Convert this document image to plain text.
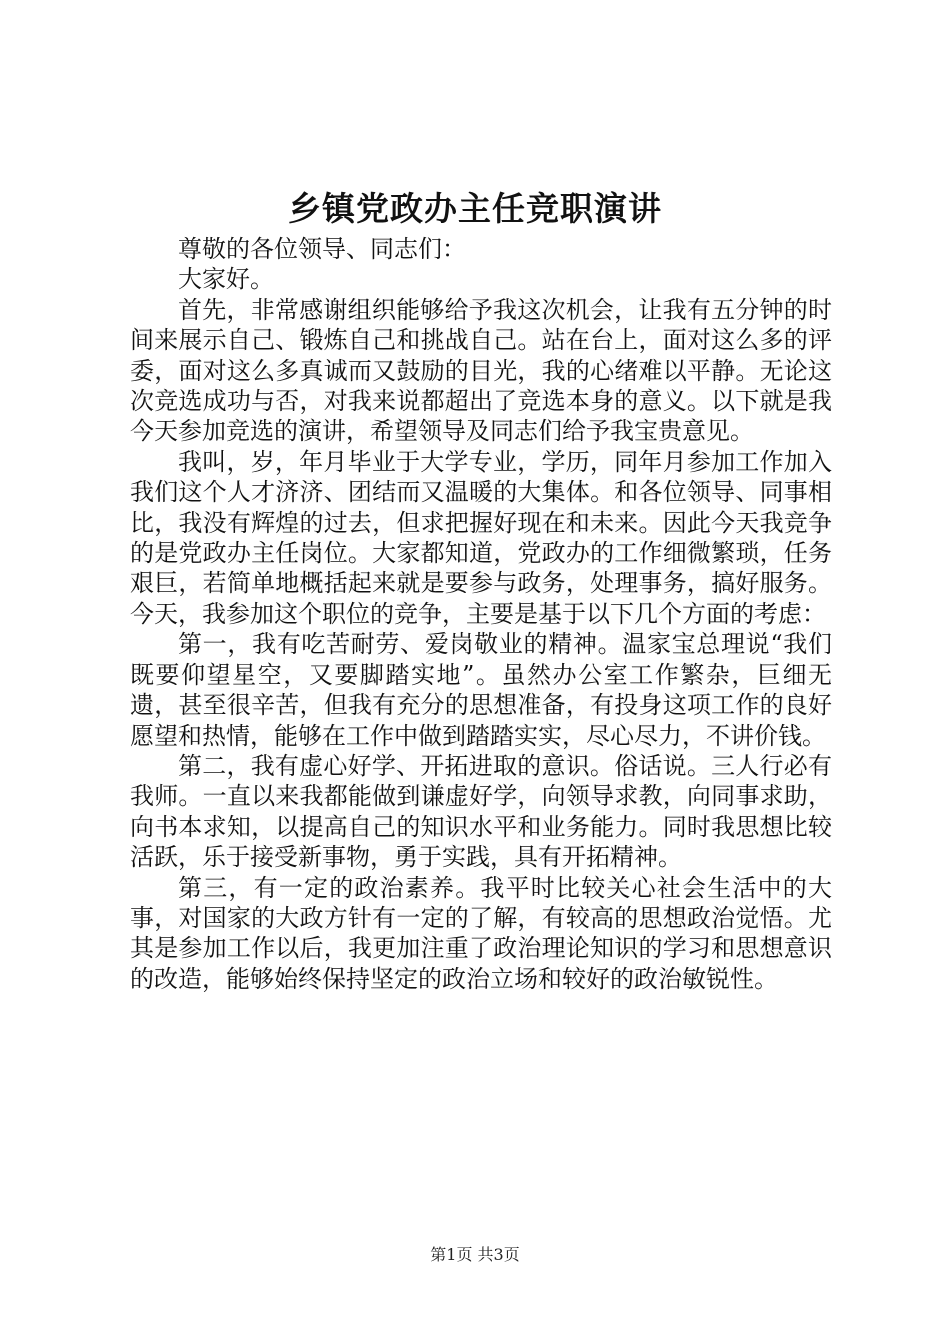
乡镇党政办主任竞职演讲

尊敬的各位领导、同志们：

大家好。

首先，非常感谢组织能够给予我这次机会，让我有五分钟的时间来展示自己、锻炼自己和挑战自己。站在台上，面对这么多的评委，面对这么多真诚而又鼓励的目光，我的心绪难以平静。无论这次竞选成功与否，对我来说都超出了竞选本身的意义。以下就是我今天参加竞选的演讲，希望领导及同志们给予我宝贵意见。

我叫，岁，年月毕业于大学专业，学历，同年月参加工作加入我们这个人才济济、团结而又温暖的大集体。和各位领导、同事相比，我没有辉煌的过去，但求把握好现在和未来。因此今天我竞争的是党政办主任岗位。大家都知道，党政办的工作细微繁琐，任务艰巨，若简单地概括起来就是要参与政务，处理事务，搞好服务。今天，我参加这个职位的竞争，主要是基于以下几个方面的考虑：

第一，我有吃苦耐劳、爱岗敬业的精神。温家宝总理说“我们既要仰望星空，又要脚踏实地”。虽然办公室工作繁杂，巨细无遗，甚至很辛苦，但我有充分的思想准备，有投身这项工作的良好愿望和热情，能够在工作中做到踏踏实实，尽心尽力，不讲价钱。

第二，我有虚心好学、开拓进取的意识。俗话说。三人行必有我师。一直以来我都能做到谦虚好学，向领导求教，向同事求助，向书本求知，以提高自己的知识水平和业务能力。同时我思想比较活跃，乐于接受新事物，勇于实践，具有开拓精神。

第三，有一定的政治素养。我平时比较关心社会生活中的大事，对国家的大政方针有一定的了解，有较高的思想政治觉悟。尤其是参加工作以后，我更加注重了政治理论知识的学习和思想意识的改造，能够始终保持坚定的政治立场和较好的政治敏锐性。

第1页 共3页
